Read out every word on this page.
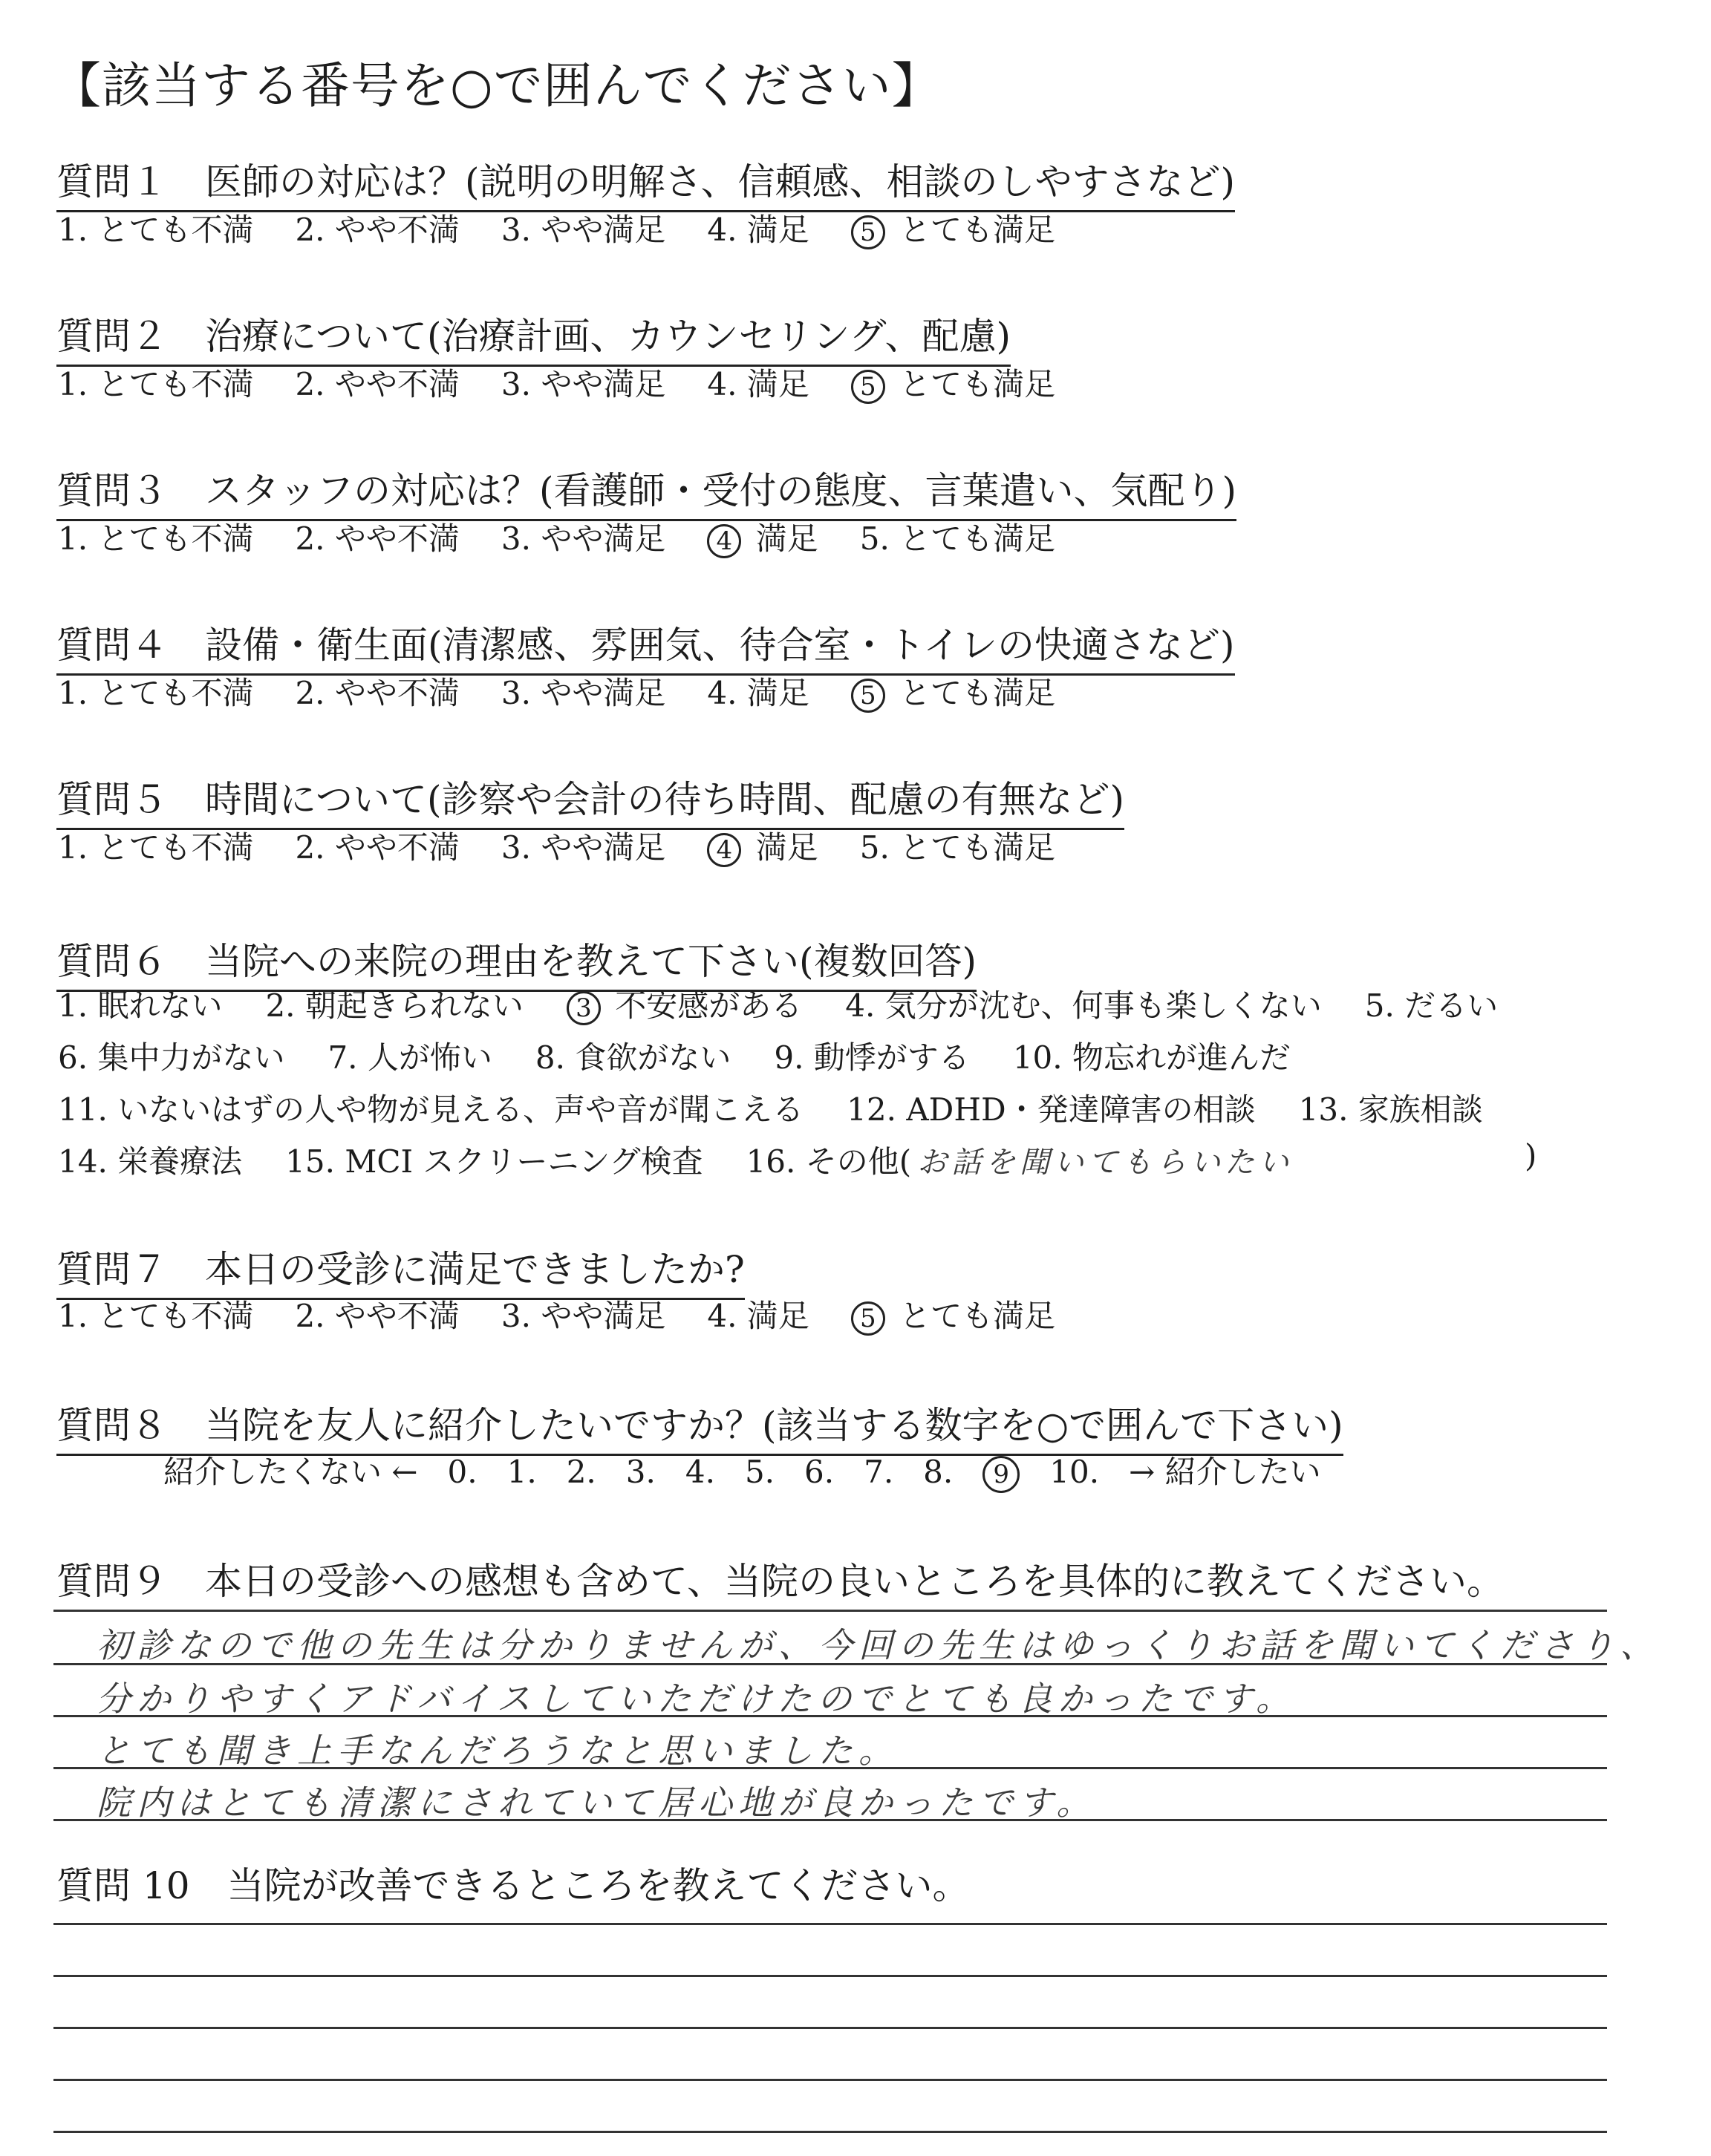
【該当する番号を○で囲んでください】
質問１　 医師の対応は？(説明の明解さ、信頼感、相談のしやすさなど)
1. とても不満 2. やや不満 3. やや満足 4. 満足 5 とても満足
質問２　 治療について(治療計画、カウンセリング、配慮)
1. とても不満 2. やや不満 3. やや満足 4. 満足 5 とても満足
質問３　 スタッフの対応は？(看護師・受付の態度、言葉遣い、気配り)
1. とても不満 2. やや不満 3. やや満足 4 満足 5. とても満足
質問４　 設備・衛生面(清潔感、雰囲気、待合室・トイレの快適さなど)
1. とても不満 2. やや不満 3. やや満足 4. 満足 5 とても満足
質問５　 時間について(診察や会計の待ち時間、配慮の有無など)
1. とても不満 2. やや不満 3. やや満足 4 満足 5. とても満足
質問６　 当院への来院の理由を教えて下さい(複数回答)
1. 眠れない 2. 朝起きられない 3 不安感がある 4. 気分が沈む、何事も楽しくない 5. だるい
6. 集中力がない 7. 人が怖い 8. 食欲がない 9. 動悸がする 10. 物忘れが進んだ
11. いないはずの人や物が見える、声や音が聞こえる 12. ADHD・発達障害の相談 13. 家族相談
14. 栄養療法 15. MCI スクリーニング検査 16. その他( お話を聞いてもらいたい	)
質問７　 本日の受診に満足できましたか?
1. とても不満 2. やや不満 3. やや満足 4. 満足 5 とても満足
質問８　 当院を友人に紹介したいですか？(該当する数字を○で囲んで下さい)
紹介したくない ← 0. 1. 2. 3. 4. 5. 6. 7. 8. 9 10. → 紹介したい
質問９　 本日の受診への感想も含めて、当院の良いところを具体的に教えてください。
初診なので他の先生は分かりませんが、今回の先生はゆっくりお話を聞いてくださり、
分かりやすくアドバイスしていただけたのでとても良かったです。
とても聞き上手なんだろうなと思いました。
院内はとても清潔にされていて居心地が良かったです。
質問 10　 当院が改善できるところを教えてください。
